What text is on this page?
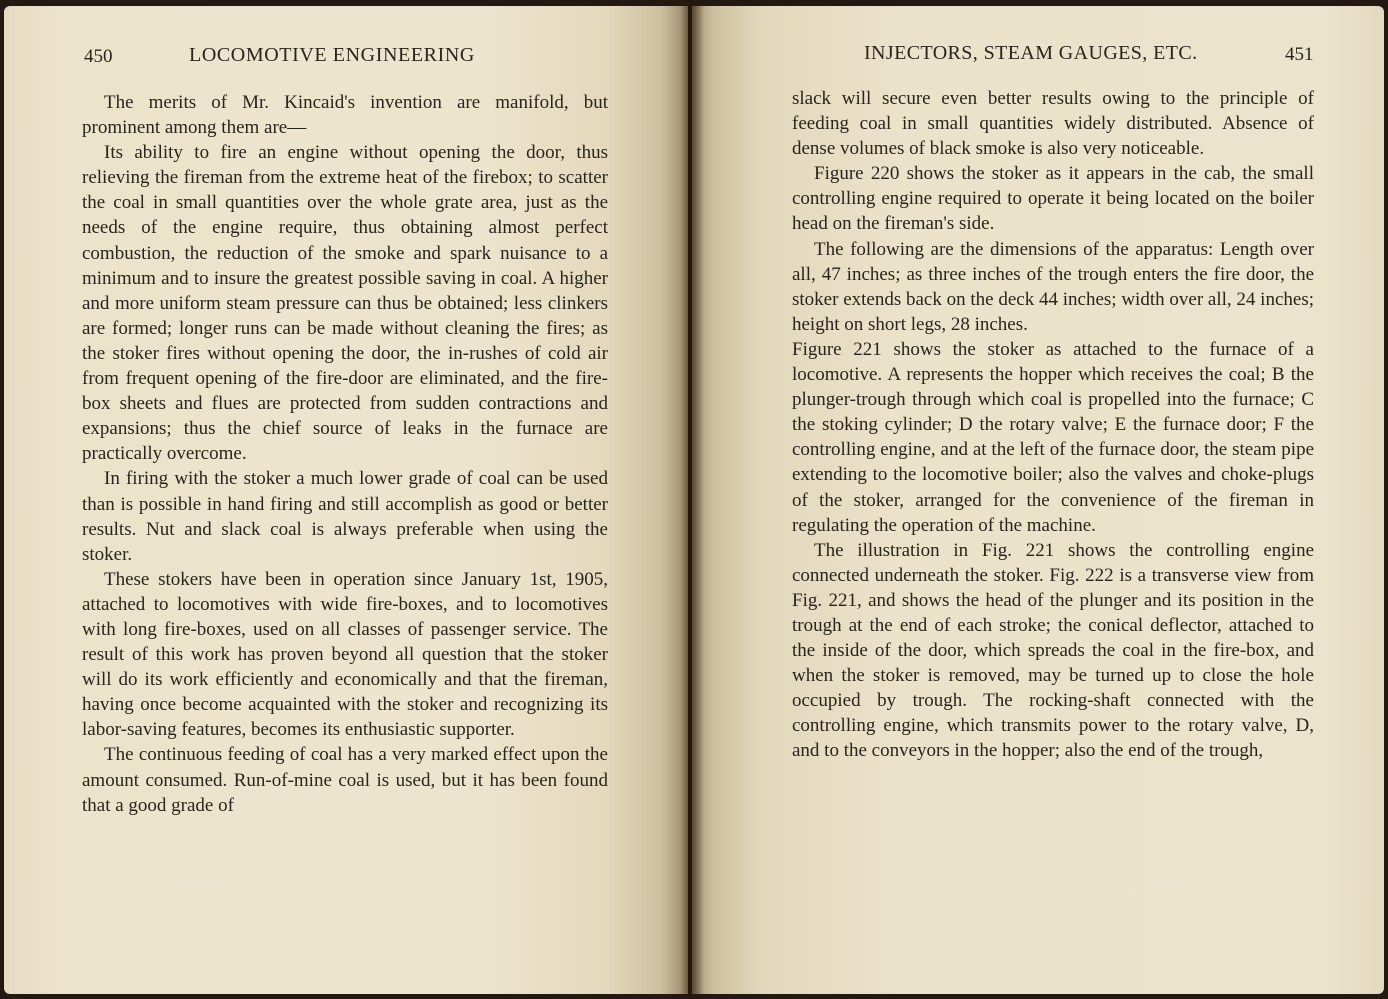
450	LOCOMOTIVE ENGINEERING

The merits of Mr. Kincaid's invention are manifold, but prominent among them are—

Its ability to fire an engine without opening the door, thus relieving the fireman from the extreme heat of the firebox; to scatter the coal in small quantities over the whole grate area, just as the needs of the engine require, thus obtaining almost perfect combustion, the reduction of the smoke and spark nuisance to a minimum and to insure the greatest possible saving in coal. A higher and more uniform steam pressure can thus be obtained; less clinkers are formed; longer runs can be made without cleaning the fires; as the stoker fires without opening the door, the in-rushes of cold air from frequent opening of the fire-door are eliminated, and the fire-box sheets and flues are protected from sudden contractions and expansions; thus the chief source of leaks in the furnace are practically overcome.

In firing with the stoker a much lower grade of coal can be used than is possible in hand firing and still accomplish as good or better results. Nut and slack coal is always preferable when using the stoker.

These stokers have been in operation since January 1st, 1905, attached to locomotives with wide fire-boxes, and to locomotives with long fire-boxes, used on all classes of passenger service. The result of this work has proven beyond all question that the stoker will do its work efficiently and economically and that the fireman, having once become acquainted with the stoker and recognizing its labor-saving features, becomes its enthusiastic supporter.

The continuous feeding of coal has a very marked effect upon the amount consumed. Run-of-mine coal is used, but it has been found that a good grade of

INJECTORS, STEAM GAUGES, ETC.	451

slack will secure even better results owing to the principle of feeding coal in small quantities widely distributed. Absence of dense volumes of black smoke is also very noticeable.

Figure 220 shows the stoker as it appears in the cab, the small controlling engine required to operate it being located on the boiler head on the fireman's side.

The following are the dimensions of the apparatus: Length over all, 47 inches; as three inches of the trough enters the fire door, the stoker extends back on the deck 44 inches; width over all, 24 inches; height on short legs, 28 inches.

Figure 221 shows the stoker as attached to the furnace of a locomotive. A represents the hopper which receives the coal; B the plunger-trough through which coal is propelled into the furnace; C the stoking cylinder; D the rotary valve; E the furnace door; F the controlling engine, and at the left of the furnace door, the steam pipe extending to the locomotive boiler; also the valves and choke-plugs of the stoker, arranged for the convenience of the fireman in regulating the operation of the machine.

The illustration in Fig. 221 shows the controlling engine connected underneath the stoker. Fig. 222 is a transverse view from Fig. 221, and shows the head of the plunger and its position in the trough at the end of each stroke; the conical deflector, attached to the inside of the door, which spreads the coal in the fire-box, and when the stoker is removed, may be turned up to close the hole occupied by trough. The rocking-shaft connected with the controlling engine, which transmits power to the rotary valve, D, and to the conveyors in the hopper; also the end of the trough,
